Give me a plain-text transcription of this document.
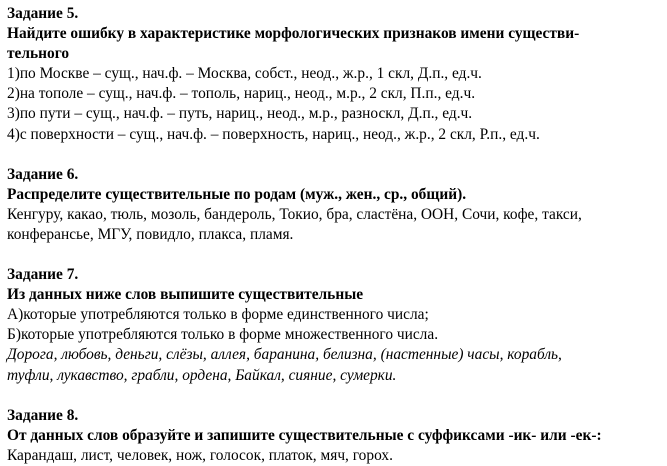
Задание 5.
Найдите ошибку в характеристике морфологических признаков имени существи-
тельного
1)по Москве – сущ., нач.ф. – Москва, собст., неод., ж.р., 1 скл, Д.п., ед.ч.
2)на тополе – сущ., нач.ф. – тополь, нариц., неод., м.р., 2 скл, П.п., ед.ч.
3)по пути – сущ., нач.ф. – путь, нариц., неод., м.р., разноскл, Д.п., ед.ч.
4)с поверхности – сущ., нач.ф. – поверхность, нариц., неод., ж.р., 2 скл, Р.п., ед.ч.
Задание 6.
Распределите существительные по родам (муж., жен., ср., общий).
Кенгуру, какао, тюль, мозоль, бандероль, Токио, бра, сластёна, ООН, Сочи, кофе, такси,
конферансье, МГУ, повидло, плакса, пламя.
Задание 7.
Из данных ниже слов выпишите существительные
А)которые употребляются только в форме единственного числа;
Б)которые употребляются только в форме множественного числа.
Дорога, любовь, деньги, слёзы, аллея, баранина, белизна, (настенные) часы, корабль,
туфли, лукавство, грабли, ордена, Байкал, сияние, сумерки.
Задание 8.
От данных слов образуйте и запишите существительные с суффиксами -ик- или -ек-:
Карандаш, лист, человек, нож, голосок, платок, мяч, горох.
